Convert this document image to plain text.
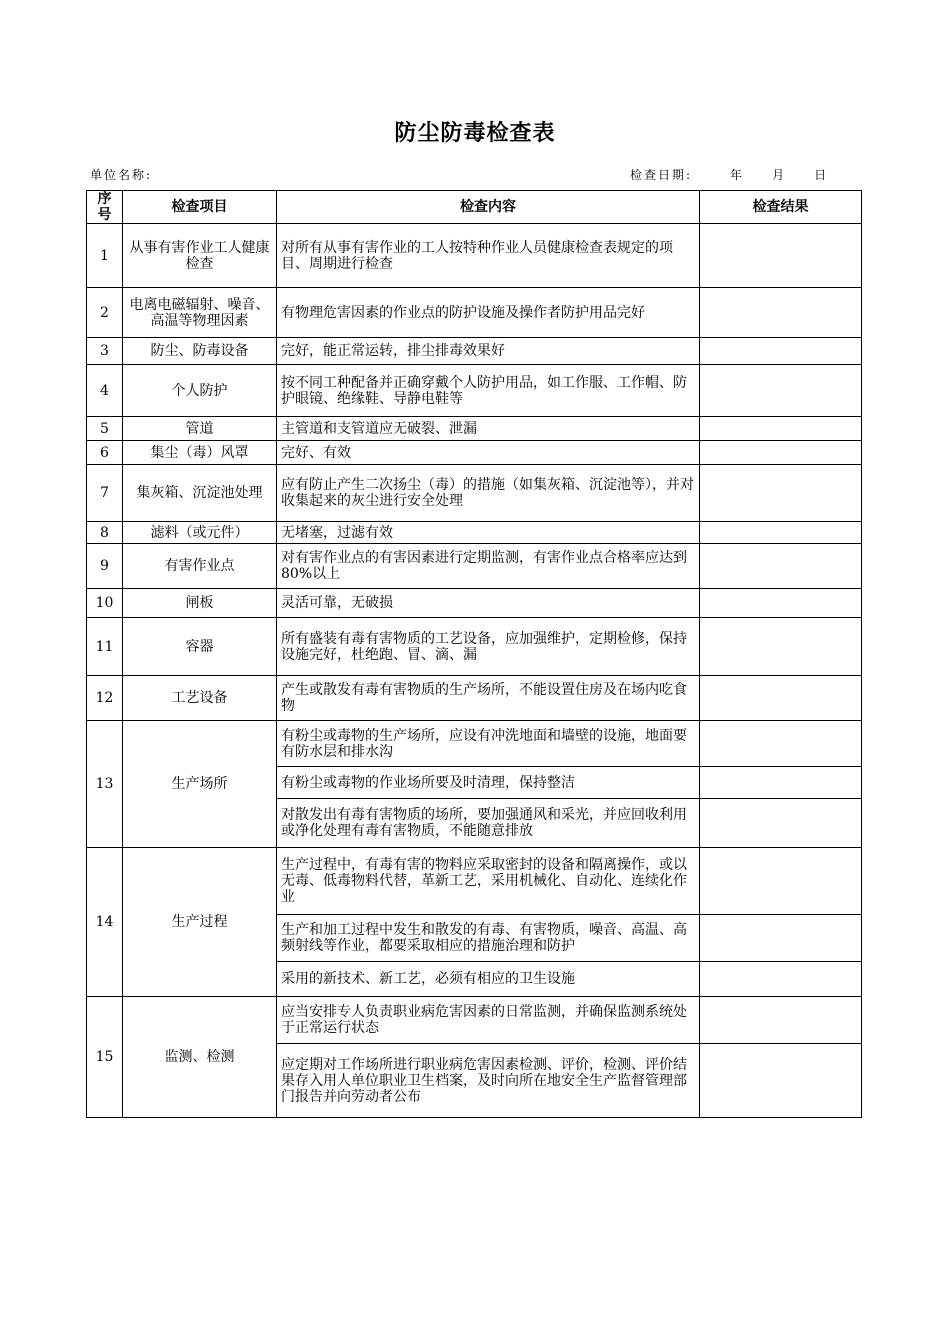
防尘防毒检查表
单位名称:	检查日期:	年 月 日
序号	检查项目	检查内容	检查结果
1	从事有害作业工人健康检查	对所有从事有害作业的工人按特种作业人员健康检查表规定的项目、周期进行检查	
2	电离电磁辐射、噪音、高温等物理因素	有物理危害因素的作业点的防护设施及操作者防护用品完好	
3	防尘、防毒设备	完好，能正常运转，排尘排毒效果好	
4	个人防护	按不同工种配备并正确穿戴个人防护用品，如工作服、工作帽、防护眼镜、绝缘鞋、导静电鞋等	
5	管道	主管道和支管道应无破裂、泄漏	
6	集尘（毒）风罩	完好、有效	
7	集灰箱、沉淀池处理	应有防止产生二次扬尘（毒）的措施（如集灰箱、沉淀池等），并对收集起来的灰尘进行安全处理	
8	滤料（或元件）	无堵塞，过滤有效	
9	有害作业点	对有害作业点的有害因素进行定期监测，有害作业点合格率应达到80%以上	
10	闸板	灵活可靠，无破损	
11	容器	所有盛装有毒有害物质的工艺设备，应加强维护，定期检修，保持设施完好，杜绝跑、冒、滴、漏	
12	工艺设备	产生或散发有毒有害物质的生产场所，不能设置住房及在场内吃食物	
13	生产场所	有粉尘或毒物的生产场所，应设有冲洗地面和墙壁的设施，地面要有防水层和排水沟	
		有粉尘或毒物的作业场所要及时清理，保持整洁	
		对散发出有毒有害物质的场所，要加强通风和采光，并应回收利用或净化处理有毒有害物质，不能随意排放	
14	生产过程	生产过程中，有毒有害的物料应采取密封的设备和隔离操作，或以无毒、低毒物料代替，革新工艺，采用机械化、自动化、连续化作业	
		生产和加工过程中发生和散发的有毒、有害物质，噪音、高温、高频射线等作业，都要采取相应的措施治理和防护	
		采用的新技术、新工艺，必须有相应的卫生设施	
15	监测、检测	应当安排专人负责职业病危害因素的日常监测，并确保监测系统处于正常运行状态	
		应定期对工作场所进行职业病危害因素检测、评价，检测、评价结果存入用人单位职业卫生档案，及时向所在地安全生产监督管理部门报告并向劳动者公布	
